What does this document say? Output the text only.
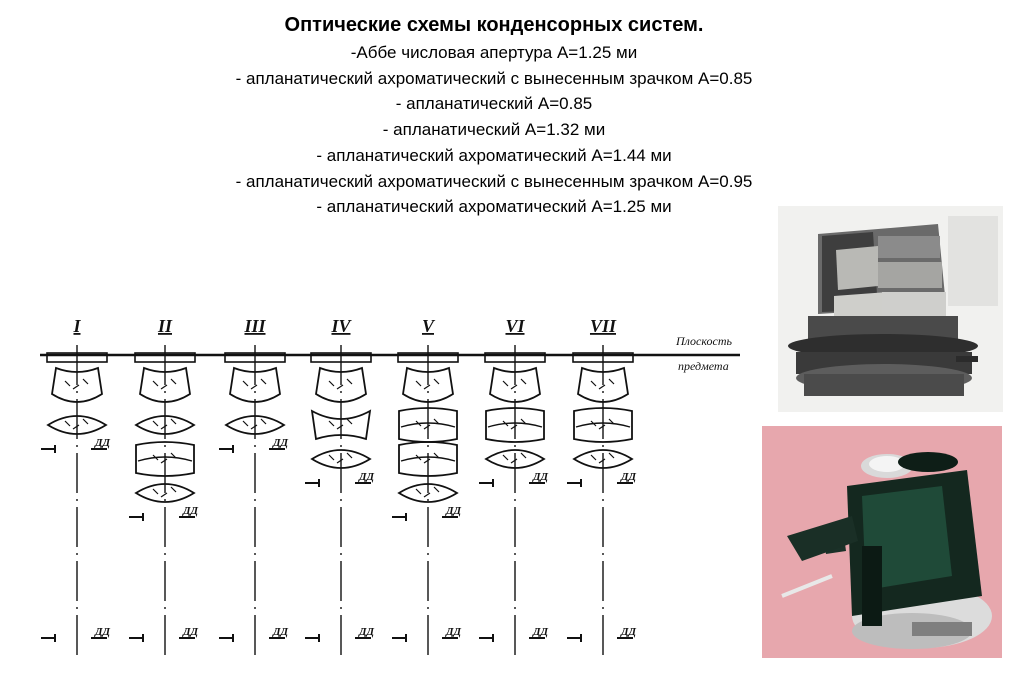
Оптические схемы конденсорных систем.
-Аббе числовая апертура А=1.25 ми
- апланатический ахроматический с вынесенным зрачком А=0.85
- апланатический А=0.85
- апланатический А=1.32 ми
- апланатический ахроматический А=1.44 ми
- апланатический ахроматический с вынесенным зрачком А=0.95
- апланатический ахроматический А=1.25 ми
Плоскость
предмета
I
ДД
ДД
II
ДД
ДД
III
ДД
ДД
IV
ДД
ДД
V
ДД
ДД
VI
ДД
ДД
VII
ДД
ДД
